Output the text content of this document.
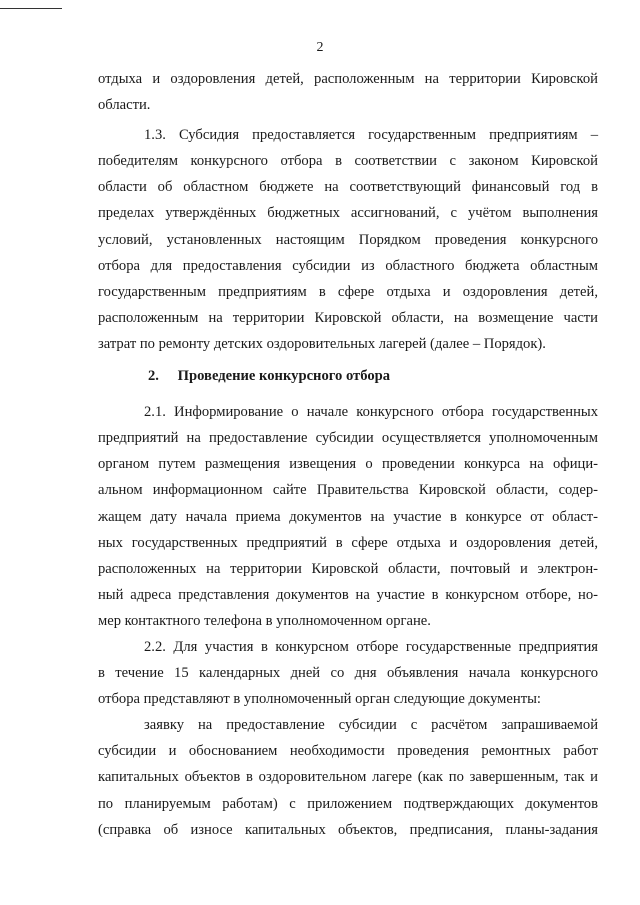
2
отдыха и оздоровления детей, расположенным на территории Кировской
области.
1.3. Субсидия предоставляется государственным предприятиям –
победителям конкурсного отбора в соответствии с законом Кировской
области об областном бюджете на соответствующий финансовый год в
пределах утверждённых бюджетных ассигнований, с учётом выполнения
условий, установленных настоящим Порядком проведения конкурсного
отбора для предоставления субсидии из областного бюджета областным
государственным предприятиям в сфере отдыха и оздоровления детей,
расположенным на территории Кировской области, на возмещение части
затрат по ремонту детских оздоровительных лагерей (далее – Порядок).
2. Проведение конкурсного отбора
2.1. Информирование о начале конкурсного отбора государственных
предприятий на предоставление субсидии осуществляется уполномоченным
органом путем размещения извещения о проведении конкурса на офици-
альном информационном сайте Правительства Кировской области, содер-
жащем дату начала приема документов на участие в конкурсе от област-
ных государственных предприятий в сфере отдыха и оздоровления детей,
расположенных на территории Кировской области, почтовый и электрон-
ный адреса представления документов на участие в конкурсном отборе, но-
мер контактного телефона в уполномоченном органе.
2.2. Для участия в конкурсном отборе государственные предприятия
в течение 15 календарных дней со дня объявления начала конкурсного
отбора представляют в уполномоченный орган следующие документы:
заявку на предоставление субсидии с расчётом запрашиваемой
субсидии и обоснованием необходимости проведения ремонтных работ
капитальных объектов в оздоровительном лагере (как по завершенным, так и
по планируемым работам) с приложением подтверждающих документов
(справка об износе капитальных объектов, предписания, планы-задания
